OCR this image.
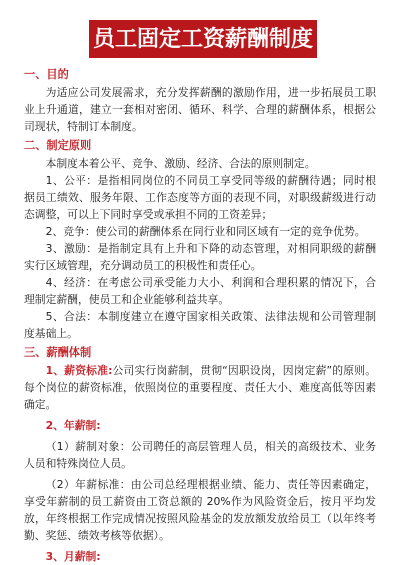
员工固定工资薪酬制度
一、目的

为适应公司发展需求，充分发挥薪酬的激励作用，进一步拓展员工职业上升通道，建立一套相对密闭、循环、科学、合理的薪酬体系，根据公司现状，特制订本制度。

二、制定原则

本制度本着公平、竞争、激励、经济、合法的原则制定。

1、公平：是指相同岗位的不同员工享受同等级的薪酬待遇；同时根据员工绩效、服务年限、工作态度等方面的表现不同，对职级薪级进行动态调整，可以上下同时享受或承担不同的工资差异；

2、竞争：使公司的薪酬体系在同行业和同区域有一定的竞争优势。

3、激励：是指制定具有上升和下降的动态管理，对相同职级的薪酬实行区域管理，充分调动员工的积极性和责任心。

4、经济：在考虑公司承受能力大小、利润和合理积累的情况下，合理制定薪酬，使员工和企业能够利益共享。

5、合法：本制度建立在遵守国家相关政策、法律法规和公司管理制度基础上。

三、薪酬体制

1、薪资标准:公司实行岗薪制，贯彻“因职设岗，因岗定薪”的原则。每个岗位的薪资标准，依照岗位的重要程度、责任大小、难度高低等因素确定。

2、年薪制:

（1）薪制对象：公司聘任的高层管理人员，相关的高级技术、业务人员和特殊岗位人员。

（2）年薪标准：由公司总经理根据业绩、能力、责任等因素确定，享受年薪制的员工薪资由工资总额的 20%作为风险资金后，按月平均发放，年终根据工作完成情况按照风险基金的发放额发放给员工（以年终考勤、奖惩、绩效考核等依据）。

3、月薪制:
